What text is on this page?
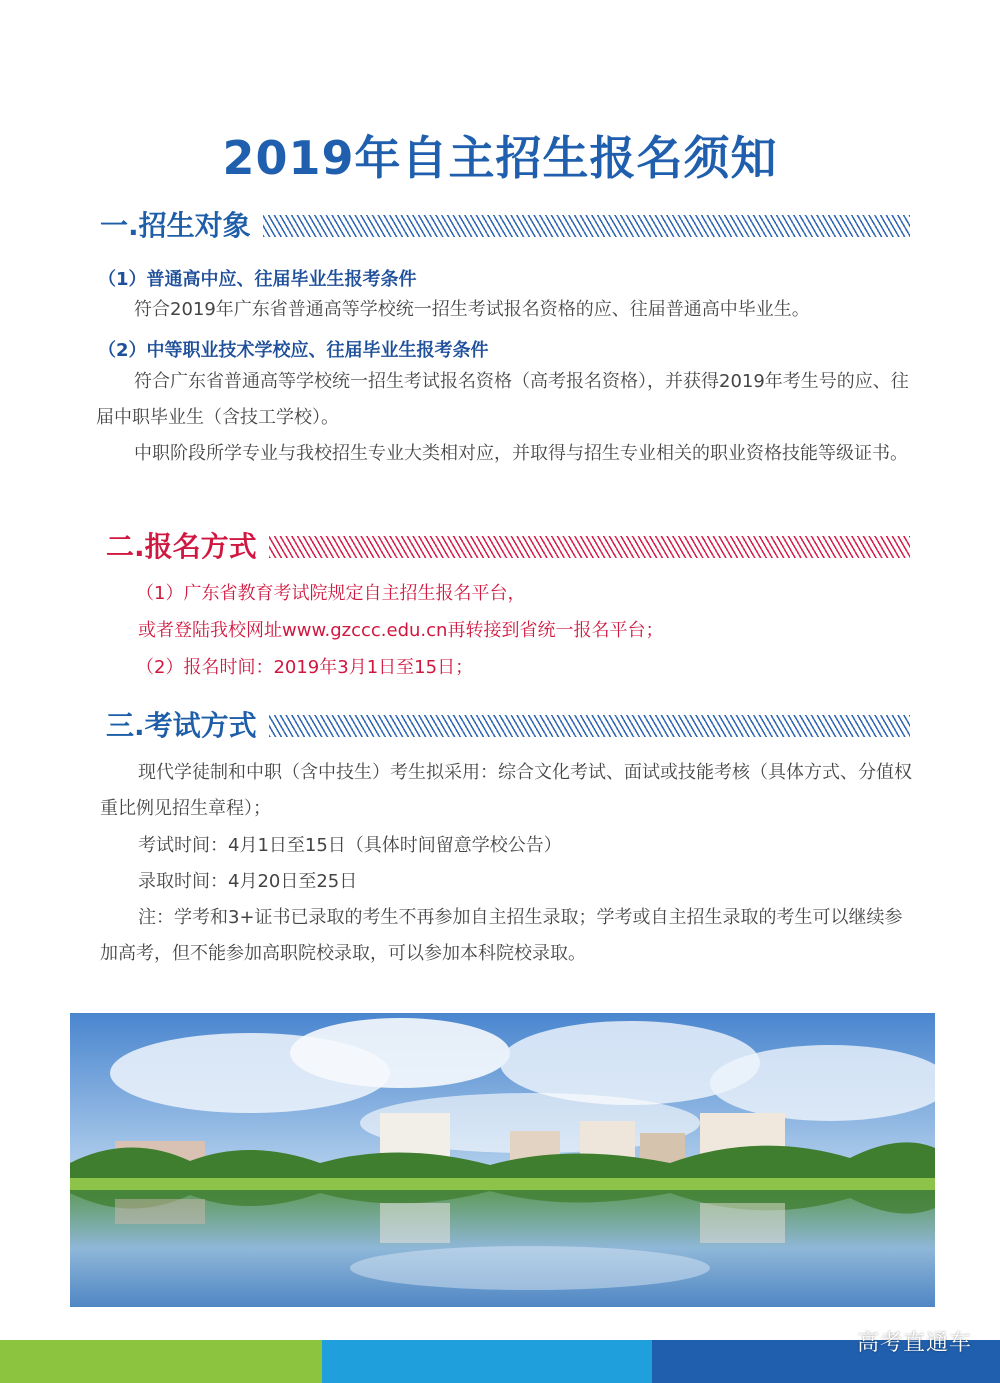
2019年自主招生报名须知
一.招生对象
（1）普通高中应、往届毕业生报考条件
符合2019年广东省普通高等学校统一招生考试报名资格的应、往届普通高中毕业生。
（2）中等职业技术学校应、往届毕业生报考条件
符合广东省普通高等学校统一招生考试报名资格（高考报名资格），并获得2019年考生号的应、往届中职毕业生（含技工学校）。
中职阶段所学专业与我校招生专业大类相对应，并取得与招生专业相关的职业资格技能等级证书。
二.报名方式
（1）广东省教育考试院规定自主招生报名平台，
或者登陆我校网址www.gzccc.edu.cn再转接到省统一报名平台；
（2）报名时间：2019年3月1日至15日；
三.考试方式
现代学徒制和中职（含中技生）考生拟采用：综合文化考试、面试或技能考核（具体方式、分值权重比例见招生章程）；
考试时间：4月1日至15日（具体时间留意学校公告）
录取时间：4月20日至25日
注：学考和3+证书已录取的考生不再参加自主招生录取；学考或自主招生录取的考生可以继续参加高考，但不能参加高职院校录取，可以参加本科院校录取。
高考直通车
